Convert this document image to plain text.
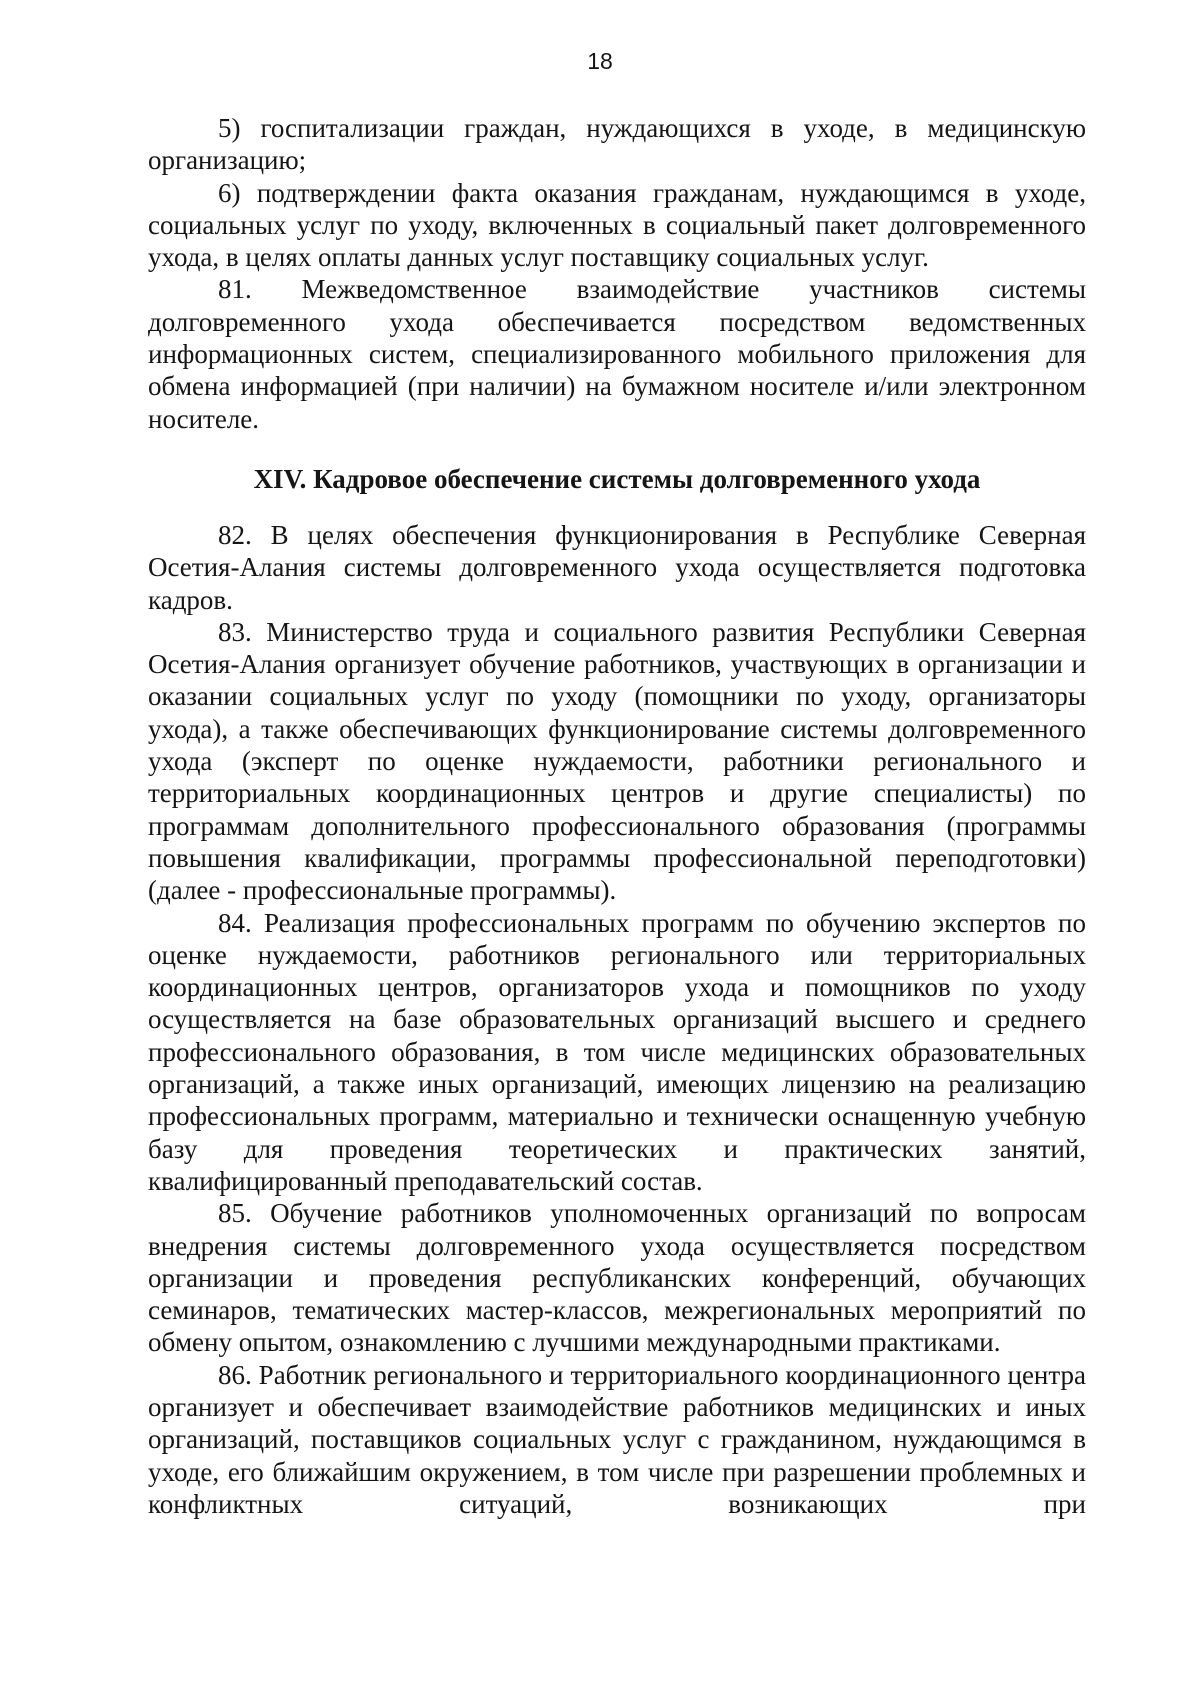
18

5) госпитализации граждан, нуждающихся в уходе, в медицинскую организацию;

6) подтверждении факта оказания гражданам, нуждающимся в уходе, социальных услуг по уходу, включенных в социальный пакет долговременного ухода, в целях оплаты данных услуг поставщику социальных услуг.

81. Межведомственное взаимодействие участников системы долговременного ухода обеспечивается посредством ведомственных информационных систем, специализированного мобильного приложения для обмена информацией (при наличии) на бумажном носителе и/или электронном носителе.

XIV. Кадровое обеспечение системы долговременного ухода

82. В целях обеспечения функционирования в Республике Северная Осетия-Алания системы долговременного ухода осуществляется подготовка кадров.

83. Министерство труда и социального развития Республики Северная Осетия-Алания организует обучение работников, участвующих в организации и оказании социальных услуг по уходу (помощники по уходу, организаторы ухода), а также обеспечивающих функционирование системы долговременного ухода (эксперт по оценке нуждаемости, работники регионального и территориальных координационных центров и другие специалисты) по программам дополнительного профессионального образования (программы повышения квалификации, программы профессиональной переподготовки) (далее - профессиональные программы).

84. Реализация профессиональных программ по обучению экспертов по оценке нуждаемости, работников регионального или территориальных координационных центров, организаторов ухода и помощников по уходу осуществляется на базе образовательных организаций высшего и среднего профессионального образования, в том числе медицинских образовательных организаций, а также иных организаций, имеющих лицензию на реализацию профессиональных программ, материально и технически оснащенную учебную базу для проведения теоретических и практических занятий, квалифицированный преподавательский состав.

85. Обучение работников уполномоченных организаций по вопросам внедрения системы долговременного ухода осуществляется посредством организации и проведения республиканских конференций, обучающих семинаров, тематических мастер-классов, межрегиональных мероприятий по обмену опытом, ознакомлению с лучшими международными практиками.

86. Работник регионального и территориального координационного центра организует и обеспечивает взаимодействие работников медицинских и иных организаций, поставщиков социальных услуг с гражданином, нуждающимся в уходе, его ближайшим окружением, в том числе при разрешении проблемных и конфликтных ситуаций, возникающих при
